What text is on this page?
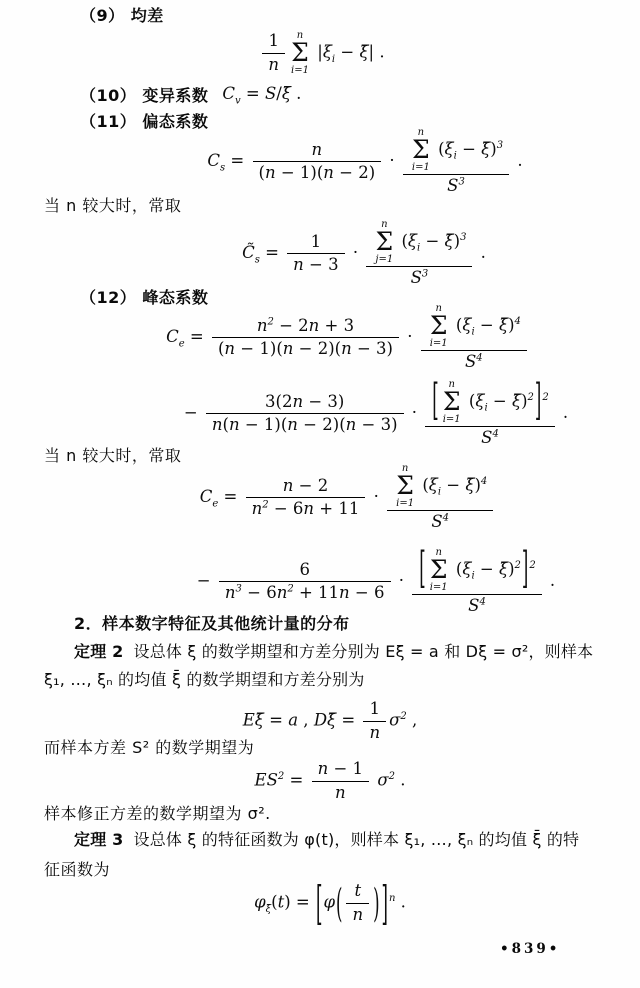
（9） 均差
$\frac{1}{n}$	n
Σ
i=1
$|\xi_i$ − ξ̄| .
（10） 变异系数 $C_v$ = S/ξ̄ .
（11） 偏态系数
$C_s = \frac{n}{(n - 1)(n - 2)} \cdot n$
Σ
i=1
($\xi_i$ − ξ̄)$^3$
$S^3$ .
当 n 较大时，常取
$C̃_s = \frac{1}{n - 3} \cdot n$
Σ
j=1
($\xi_i$ − ξ̄)$^3$
$S^3$ .
（12） 峰态系数
$C_e = \frac{n^2 - 2n + 3}{(n - 1)(n - 2)(n - 3)} \cdot n$
Σ
i=1
($\xi_i$ − ξ̄)$^4$
$S^4$
− $\frac{3(2n - 3)}{n(n - 1)(n - 2)(n - 3)}$ · [ n
Σ
i=1
($\xi_i$ − ξ̄)$^2$]$^2$
$S^4$ .
当 n 较大时，常取
$C_e = \frac{n - 2}{n^2 - 6n + 11} \cdot n$
Σ
i=1
($\xi_i$ − ξ̄)$^4$
$S^4$
− $\frac{6}{n^3 - 6n^2 + 11n - 6}$ · [ n
Σ
i=1
($\xi_i$ − ξ̄)$^2$]$^2$
$S^4$ .
2．样本数字特征及其他统计量的分布
定理 2 设总体 ξ 的数学期望和方差分别为 Eξ = a 和 Dξ = σ²，则样本
ξ₁, …, ξₙ 的均值 ξ̄ 的数学期望和方差分别为
Eξ̄ = a , Dξ̄ = $\frac{1}{n} \sigma^2$ ,
而样本方差 S² 的数学期望为
$ES^2 = \frac{n - 1}{n} \sigma^2$ .
样本修正方差的数学期望为 σ².
定理 3 设总体 ξ 的特征函数为 φ(t)，则样本 ξ₁, …, ξₙ 的均值 ξ̄ 的特
征函数为
$\varphi_{\xī}(t) = [\varphi( \frac{t}{n}$ ) ]$^n$ .
•839•
